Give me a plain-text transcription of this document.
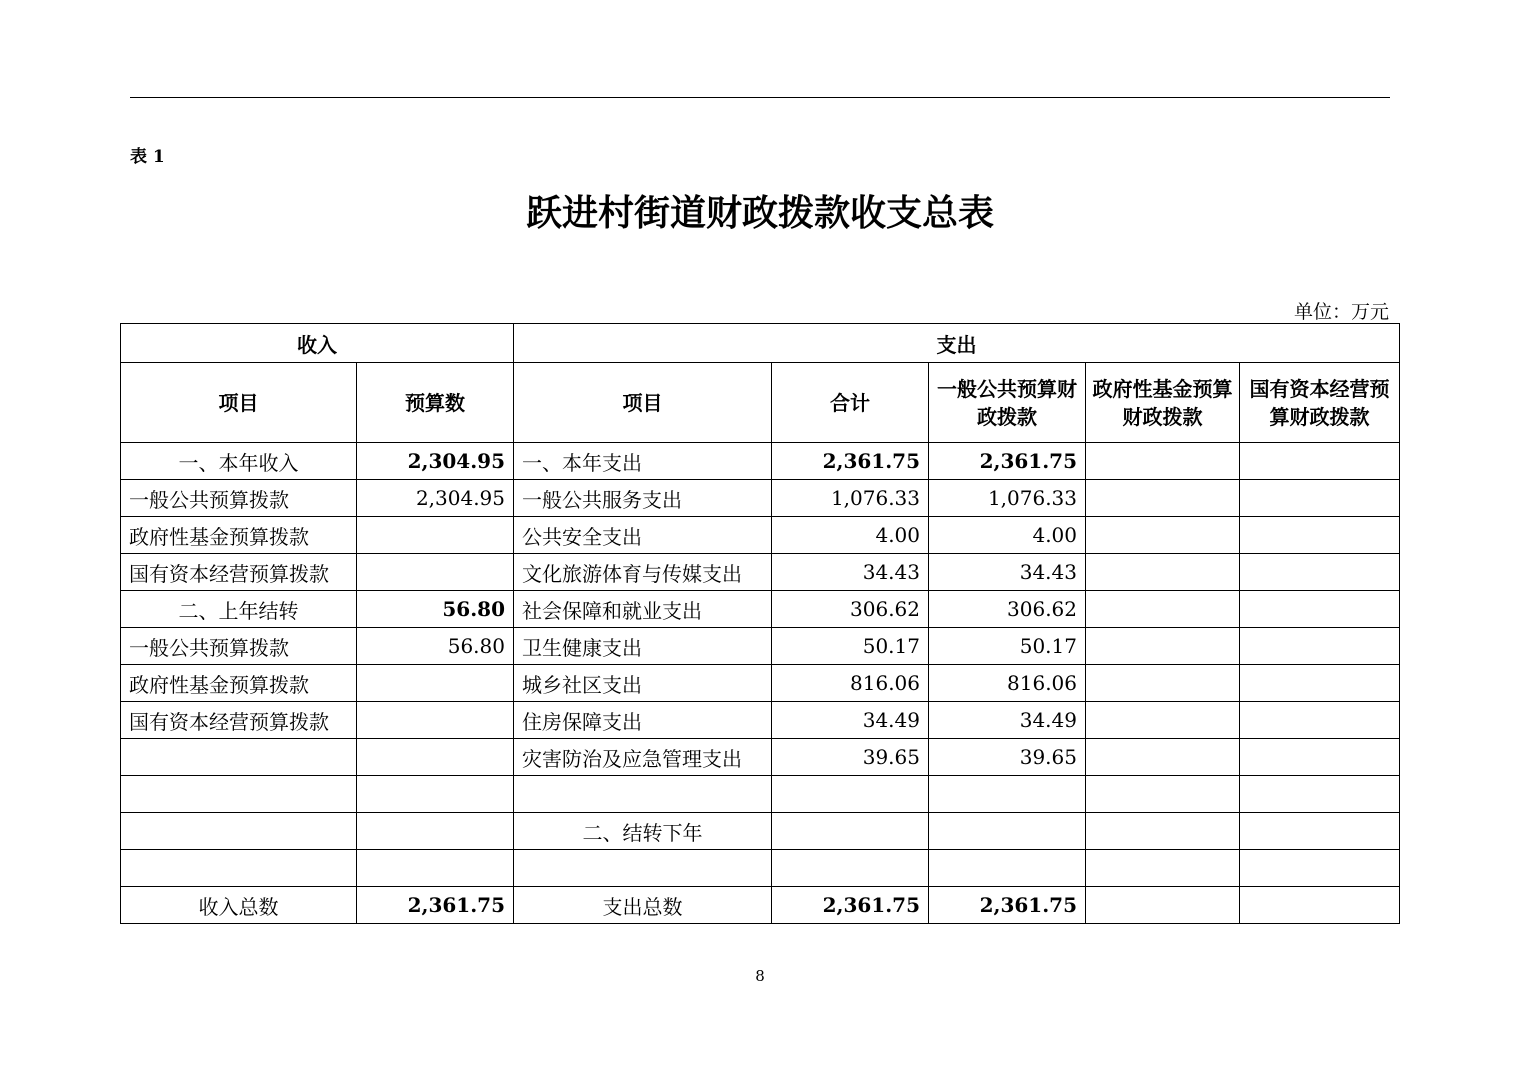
表 1
跃进村街道财政拨款收支总表
单位：万元
收入		支出				
项目	预算数	项目	合计	一般公共预算财政拨款	政府性基金预算财政拨款	国有资本经营预算财政拨款
一、本年收入	2,304.95	一、本年支出	2,361.75	2,361.75		
一般公共预算拨款	2,304.95	一般公共服务支出	1,076.33	1,076.33		
政府性基金预算拨款		公共安全支出	4.00	4.00		
国有资本经营预算拨款		文化旅游体育与传媒支出	34.43	34.43		
二、上年结转	56.80	社会保障和就业支出	306.62	306.62		
一般公共预算拨款	56.80	卫生健康支出	50.17	50.17		
政府性基金预算拨款		城乡社区支出	816.06	816.06		
国有资本经营预算拨款		住房保障支出	34.49	34.49		
		灾害防治及应急管理支出	39.65	39.65		

		二、结转下年				

收入总数	2,361.75	支出总数	2,361.75	2,361.75		
8
